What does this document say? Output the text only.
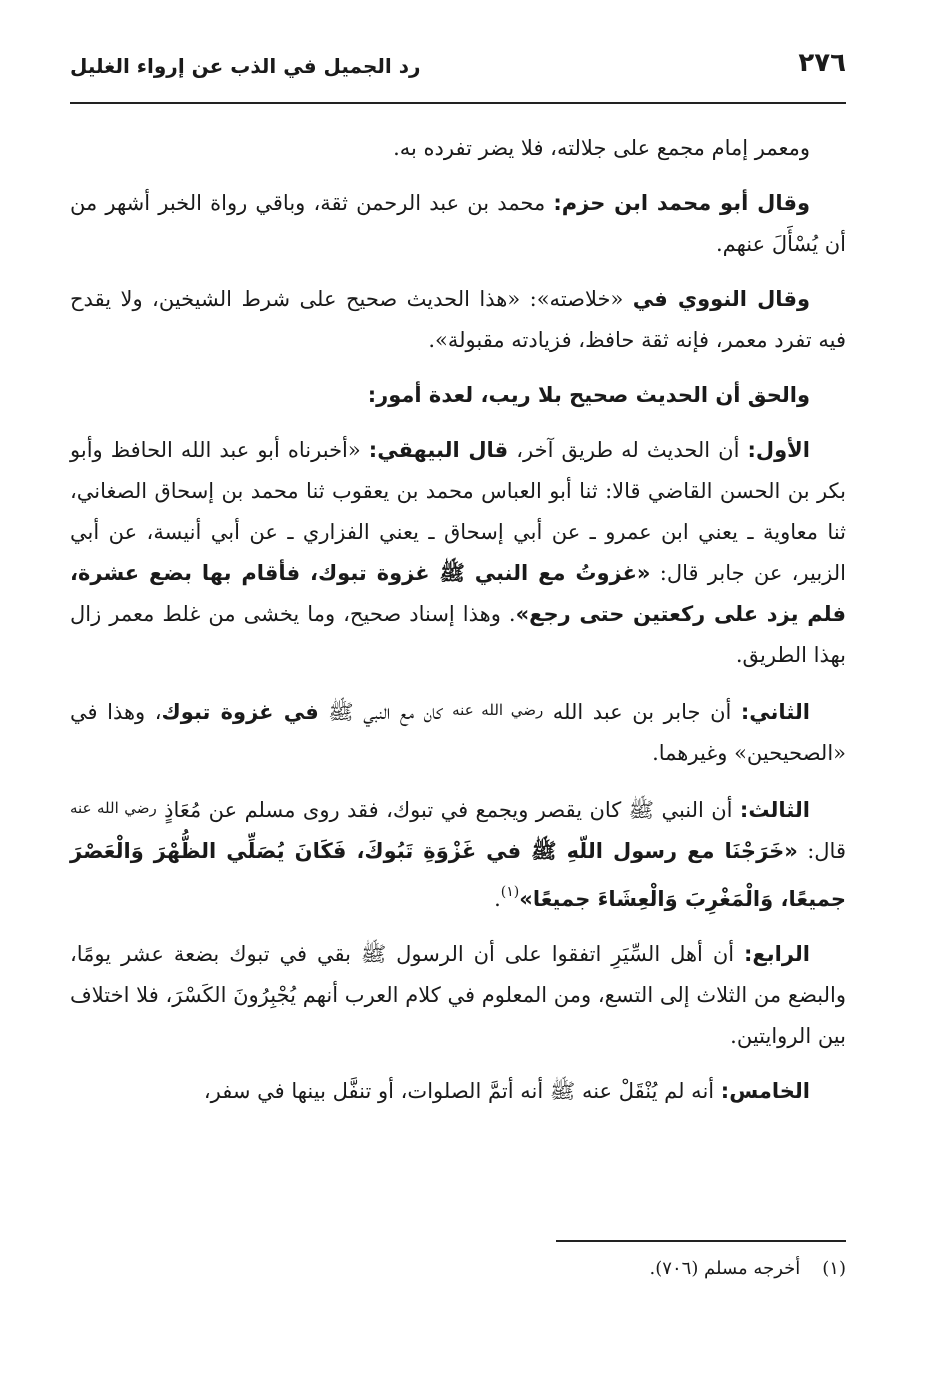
٢٧٦
رد الجميل في الذب عن إرواء الغليل

ومعمر إمام مجمع على جلالته، فلا يضر تفرده به.

وقال أبو محمد ابن حزم: محمد بن عبد الرحمن ثقة، وباقي رواة الخبر أشهر من أن يُسْأَلَ عنهم.

وقال النووي في «خلاصته»: «هذا الحديث صحيح على شرط الشيخين، ولا يقدح فيه تفرد معمر، فإنه ثقة حافظ، فزيادته مقبولة».

والحق أن الحديث صحيح بلا ريب، لعدة أمور:

الأول: أن الحديث له طريق آخر، قال البيهقي: «أخبرناه أبو عبد الله الحافظ وأبو بكر بن الحسن القاضي قالا: ثنا أبو العباس محمد بن يعقوب ثنا محمد بن إسحاق الصغاني، ثنا معاوية ـ يعني ابن عمرو ـ عن أبي إسحاق ـ يعني الفزاري ـ عن أبي أنيسة، عن أبي الزبير، عن جابر قال: «غزوتُ مع النبي ﷺ غزوة تبوك، فأقام بها بضع عشرة، فلم يزد على ركعتين حتى رجع». وهذا إسناد صحيح، وما يخشى من غلط معمر زال بهذا الطريق.

الثاني: أن جابر بن عبد الله رضي الله عنه كان مع النبي ﷺ في غزوة تبوك، وهذا في «الصحيحين» وغيرهما.

الثالث: أن النبي ﷺ كان يقصر ويجمع في تبوك، فقد روى مسلم عن مُعَاذٍ رضي الله عنه قال: «خَرَجْنَا مع رسول اللّهِ ﷺ في غَزْوَةِ تَبُوكَ، فَكَانَ يُصَلِّي الظُّهْرَ وَالْعَصْرَ جميعًا، وَالْمَغْرِبَ وَالْعِشَاءَ جميعًا»$^{(١)}$.

الرابع: أن أهل السِّيَرِ اتفقوا على أن الرسول ﷺ بقي في تبوك بضعة عشر يومًا، والبضع من الثلاث إلى التسع، ومن المعلوم في كلام العرب أنهم يُجْبِرُونَ الكَسْرَ، فلا اختلاف بين الروايتين.

الخامس: أنه لم يُنْقَلْ عنه ﷺ أنه أتمَّ الصلوات، أو تنفَّل بينها في سفر،

(١)أخرجه مسلم (٧٠٦).
